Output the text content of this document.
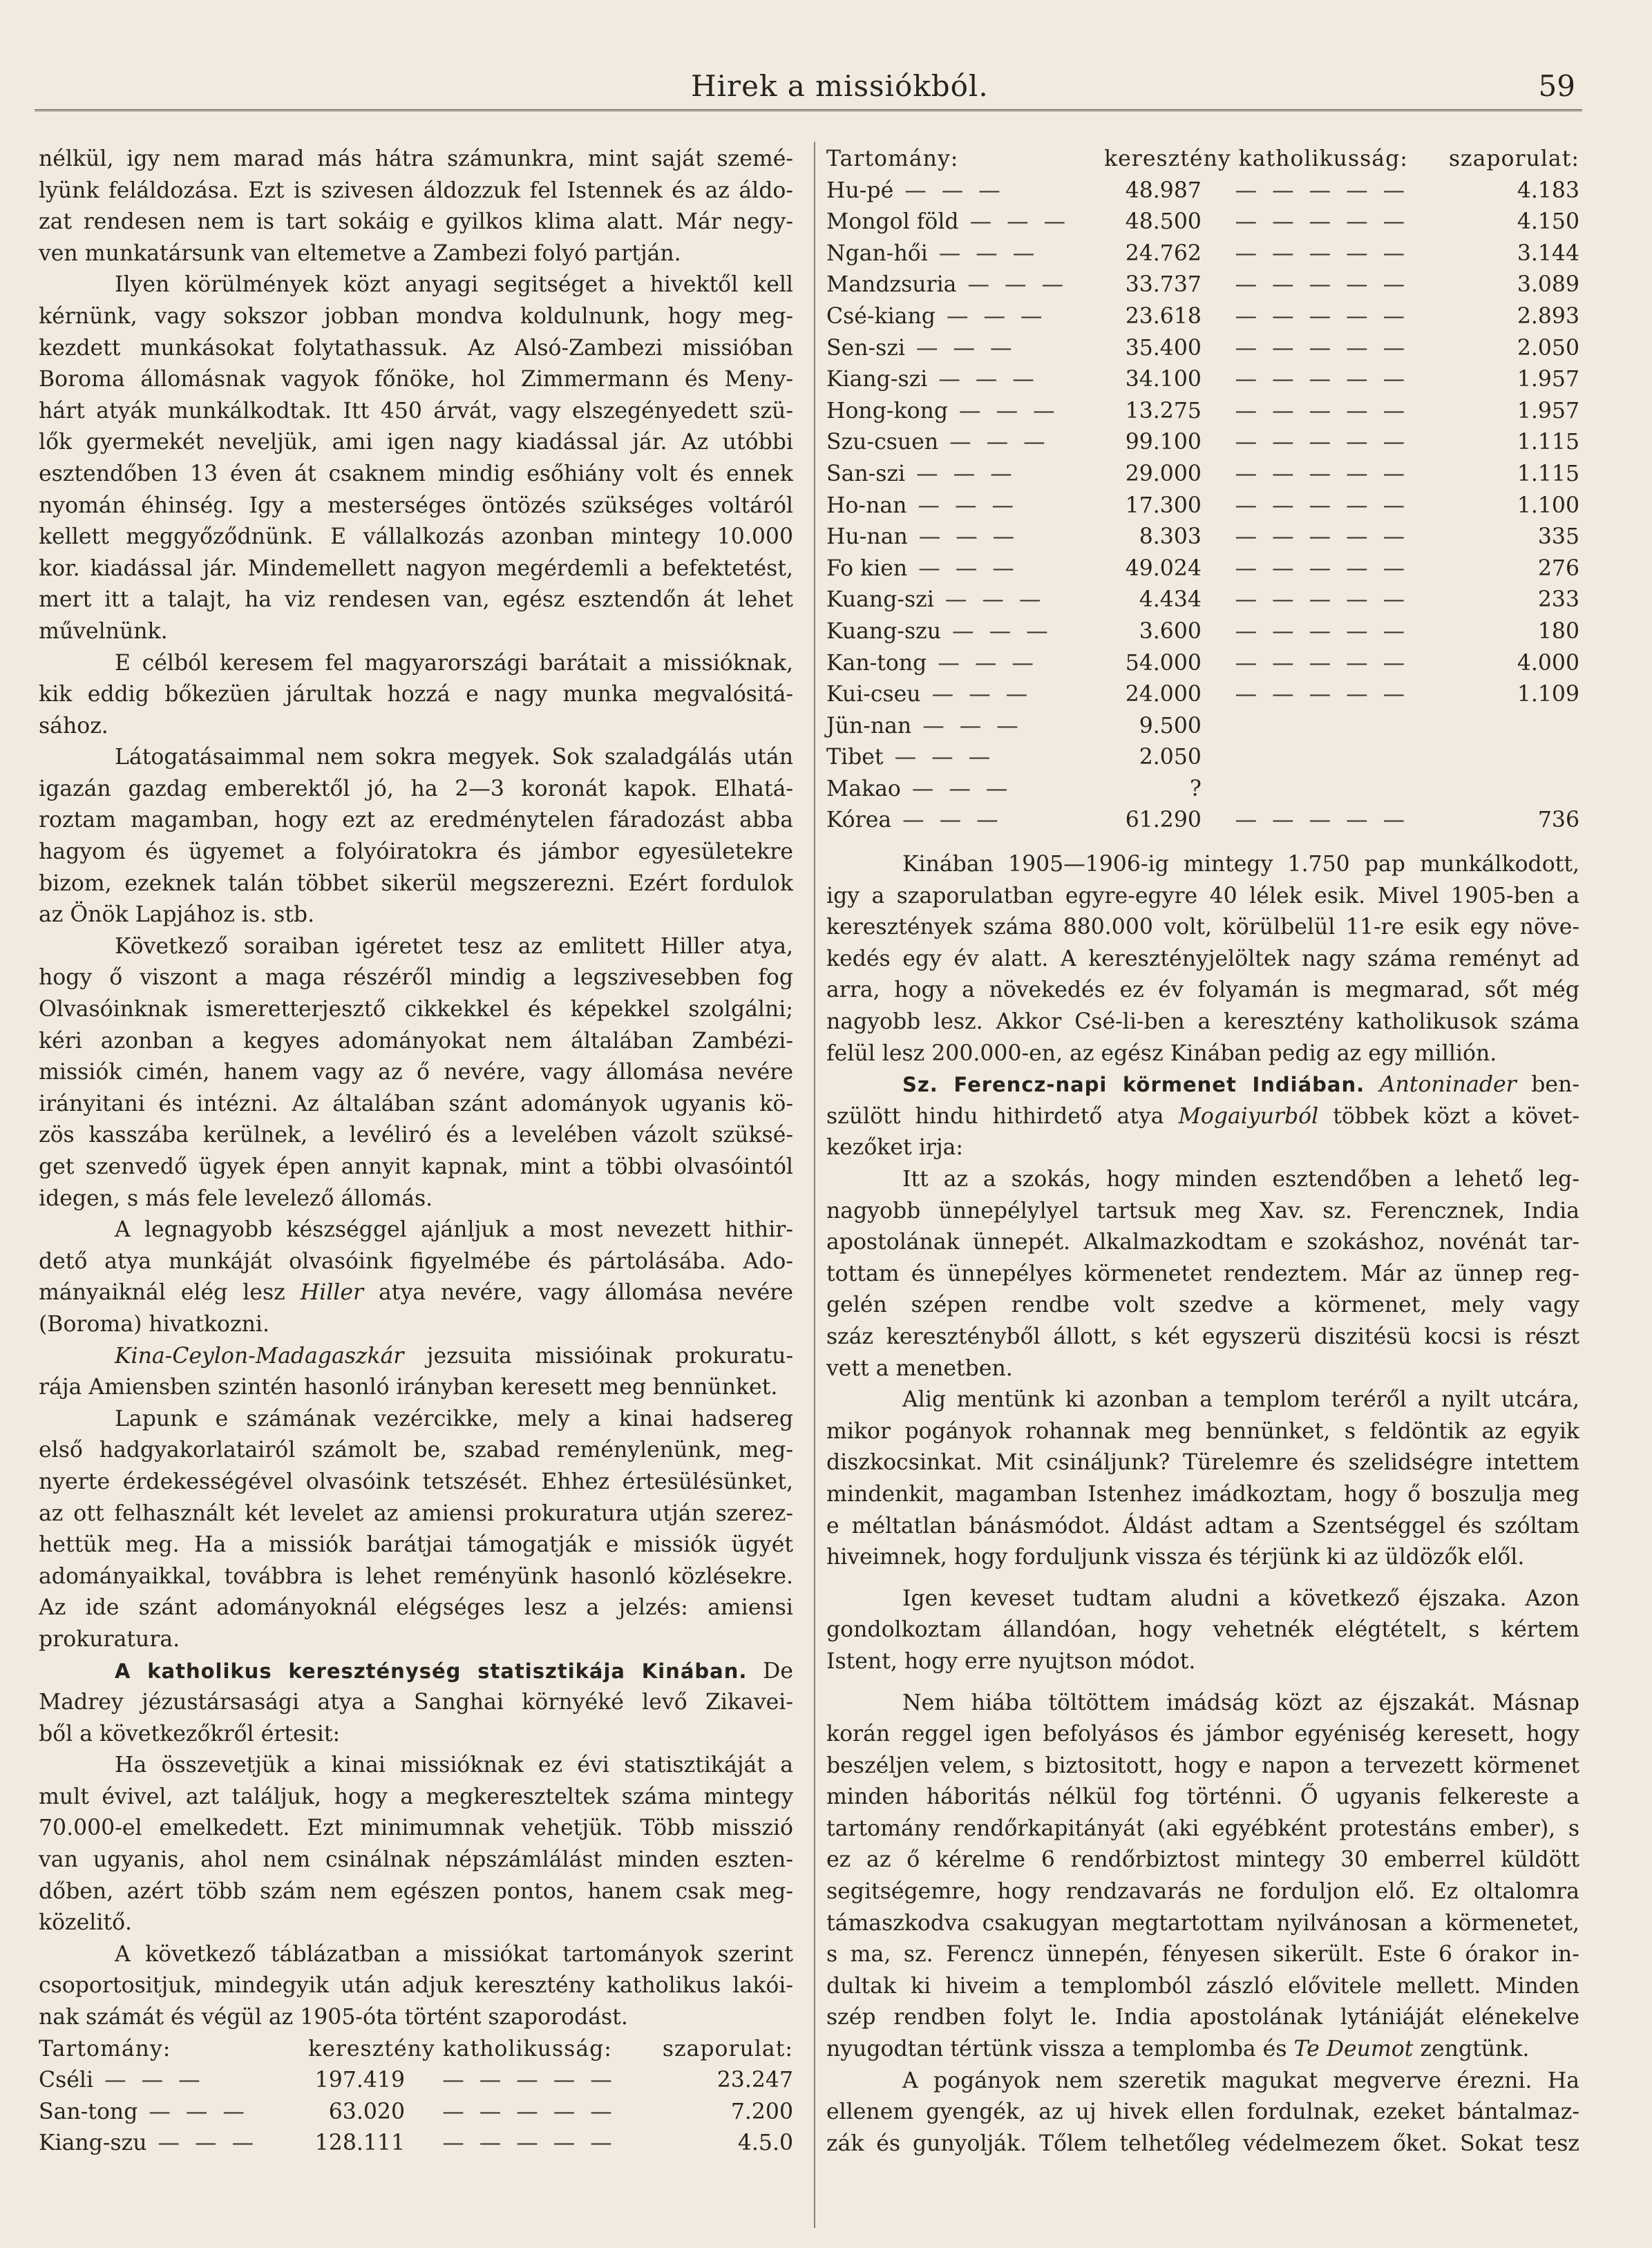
Hirek a missiókból.	59
nélkül, igy nem marad más hátra számunkra, mint saját szemé-
lyünk feláldozása. Ezt is szivesen áldozzuk fel Istennek és az áldo-
zat rendesen nem is tart sokáig e gyilkos klima alatt. Már negy-
ven munkatársunk van eltemetve a Zambezi folyó partján.
Ilyen körülmények közt anyagi segitséget a hivektől kell
kérnünk, vagy sokszor jobban mondva koldulnunk, hogy meg-
kezdett munkásokat folytathassuk. Az Alsó-Zambezi missióban
Boroma állomásnak vagyok főnöke, hol Zimmermann és Meny-
hárt atyák munkálkodtak. Itt 450 árvát, vagy elszegényedett szü-
lők gyermekét neveljük, ami igen nagy kiadással jár. Az utóbbi
esztendőben 13 éven át csaknem mindig esőhiány volt és ennek
nyomán éhinség. Igy a mesterséges öntözés szükséges voltáról
kellett meggyőződnünk. E vállalkozás azonban mintegy 10.000
kor. kiadással jár. Mindemellett nagyon megérdemli a befektetést,
mert itt a talajt, ha viz rendesen van, egész esztendőn át lehet
művelnünk.
E célból keresem fel magyarországi barátait a missióknak,
kik eddig bőkezüen járultak hozzá e nagy munka megvalósitá-
sához.
Látogatásaimmal nem sokra megyek. Sok szaladgálás után
igazán gazdag emberektől jó, ha 2—3 koronát kapok. Elhatá-
roztam magamban, hogy ezt az eredménytelen fáradozást abba
hagyom és ügyemet a folyóiratokra és jámbor egyesületekre
bizom, ezeknek talán többet sikerül megszerezni. Ezért fordulok
az Önök Lapjához is. stb.
Következő soraiban igéretet tesz az emlitett Hiller atya,
hogy ő viszont a maga részéről mindig a legszivesebben fog
Olvasóinknak ismeretterjesztő cikkekkel és képekkel szolgálni;
kéri azonban a kegyes adományokat nem általában Zambézi-
missiók cimén, hanem vagy az ő nevére, vagy állomása nevére
irányitani és intézni. Az általában szánt adományok ugyanis kö-
zös kasszába kerülnek, a levéliró és a levelében vázolt szüksé-
get szenvedő ügyek épen annyit kapnak, mint a többi olvasóintól
idegen, s más fele levelező állomás.
A legnagyobb készséggel ajánljuk a most nevezett hithir-
dető atya munkáját olvasóink figyelmébe és pártolásába. Ado-
mányaiknál elég lesz Hiller atya nevére, vagy állomása nevére
(Boroma) hivatkozni.
Kina-Ceylon-Madagaszkár jezsuita missióinak prokuratu-
rája Amiensben szintén hasonló irányban keresett meg bennünket.
Lapunk e számának vezércikke, mely a kinai hadsereg
első hadgyakorlatairól számolt be, szabad reménylenünk, meg-
nyerte érdekességével olvasóink tetszését. Ehhez értesülésünket,
az ott felhasznált két levelet az amiensi prokuratura utján szerez-
hettük meg. Ha a missiók barátjai támogatják e missiók ügyét
adományaikkal, továbbra is lehet reményünk hasonló közlésekre.
Az ide szánt adományoknál elégséges lesz a jelzés: amiensi
prokuratura.
A katholikus kereszténység statisztikája Kinában. De
Madrey jézustársasági atya a Sanghai környéké levő Zikavei-
ből a következőkről értesit:
Ha összevetjük a kinai missióknak ez évi statisztikáját a
mult évivel, azt találjuk, hogy a megkereszteltek száma mintegy
70.000-el emelkedett. Ezt minimumnak vehetjük. Több misszió
van ugyanis, ahol nem csinálnak népszámlálást minden eszten-
dőben, azért több szám nem egészen pontos, hanem csak meg-
közelitő.
A következő táblázatban a missiókat tartományok szerint
csoportositjuk, mindegyik után adjuk keresztény katholikus lakói-
nak számát és végül az 1905-óta történt szaporodást.
Tartomány:	keresztény katholikusság:		szaporulat:
Cséli — — —	197.419	— — — — —	23.247
San-tong — — —	63.020	— — — — —	7.200
Kiang-szu — — —	128.111	— — — — —	4.5.0
Tartomány:	keresztény katholikusság:		szaporulat:
Hu-pé — — —	48.987	— — — — —	4.183
Mongol föld — — —	48.500	— — — — —	4.150
Ngan-hői — — —	24.762	— — — — —	3.144
Mandzsuria — — —	33.737	— — — — —	3.089
Csé-kiang — — —	23.618	— — — — —	2.893
Sen-szi — — —	35.400	— — — — —	2.050
Kiang-szi — — —	34.100	— — — — —	1.957
Hong-kong — — —	13.275	— — — — —	1.957
Szu-csuen — — —	99.100	— — — — —	1.115
San-szi — — —	29.000	— — — — —	1.115
Ho-nan — — —	17.300	— — — — —	1.100
Hu-nan — — —	8.303	— — — — —	335
Fo kien — — —	49.024	— — — — —	276
Kuang-szi — — —	4.434	— — — — —	233
Kuang-szu — — —	3.600	— — — — —	180
Kan-tong — — —	54.000	— — — — —	4.000
Kui-cseu — — —	24.000	— — — — —	1.109
Jün-nan — — —	9.500		
Tibet — — —	2.050		
Makao — — —	?		
Kórea — — —	61.290	— — — — —	736
Kinában 1905—1906-ig mintegy 1.750 pap munkálkodott,
igy a szaporulatban egyre-egyre 40 lélek esik. Mivel 1905-ben a
keresztények száma 880.000 volt, körülbelül 11-re esik egy növe-
kedés egy év alatt. A keresztényjelöltek nagy száma reményt ad
arra, hogy a növekedés ez év folyamán is megmarad, sőt még
nagyobb lesz. Akkor Csé-li-ben a keresztény katholikusok száma
felül lesz 200.000-en, az egész Kinában pedig az egy millión.
Sz. Ferencz-napi körmenet Indiában. Antoninader ben-
szülött hindu hithirdető atya Mogaiyurból többek közt a követ-
kezőket irja:
Itt az a szokás, hogy minden esztendőben a lehető leg-
nagyobb ünnepélylyel tartsuk meg Xav. sz. Ferencznek, India
apostolának ünnepét. Alkalmazkodtam e szokáshoz, novénát tar-
tottam és ünnepélyes körmenetet rendeztem. Már az ünnep reg-
gelén szépen rendbe volt szedve a körmenet, mely vagy
száz keresztényből állott, s két egyszerü diszitésü kocsi is részt
vett a menetben.
Alig mentünk ki azonban a templom teréről a nyilt utcára,
mikor pogányok rohannak meg bennünket, s feldöntik az egyik
diszkocsinkat. Mit csináljunk? Türelemre és szelidségre intettem
mindenkit, magamban Istenhez imádkoztam, hogy ő boszulja meg
e méltatlan bánásmódot. Áldást adtam a Szentséggel és szóltam
hiveimnek, hogy forduljunk vissza és térjünk ki az üldözők elől.
Igen keveset tudtam aludni a következő éjszaka. Azon
gondolkoztam állandóan, hogy vehetnék elégtételt, s kértem
Istent, hogy erre nyujtson módot.
Nem hiába töltöttem imádság közt az éjszakát. Másnap
korán reggel igen befolyásos és jámbor egyéniség keresett, hogy
beszéljen velem, s biztositott, hogy e napon a tervezett körmenet
minden háboritás nélkül fog történni. Ő ugyanis felkereste a
tartomány rendőrkapitányát (aki egyébként protestáns ember), s
ez az ő kérelme 6 rendőrbiztost mintegy 30 emberrel küldött
segitségemre, hogy rendzavarás ne forduljon elő. Ez oltalomra
támaszkodva csakugyan megtartottam nyilvánosan a körmenetet,
s ma, sz. Ferencz ünnepén, fényesen sikerült. Este 6 órakor in-
dultak ki hiveim a templomból zászló elővitele mellett. Minden
szép rendben folyt le. India apostolának lytániáját elénekelve
nyugodtan tértünk vissza a templomba és Te Deumot zengtünk.
A pogányok nem szeretik magukat megverve érezni. Ha
ellenem gyengék, az uj hivek ellen fordulnak, ezeket bántalmaz-
zák és gunyolják. Tőlem telhetőleg védelmezem őket. Sokat tesz
